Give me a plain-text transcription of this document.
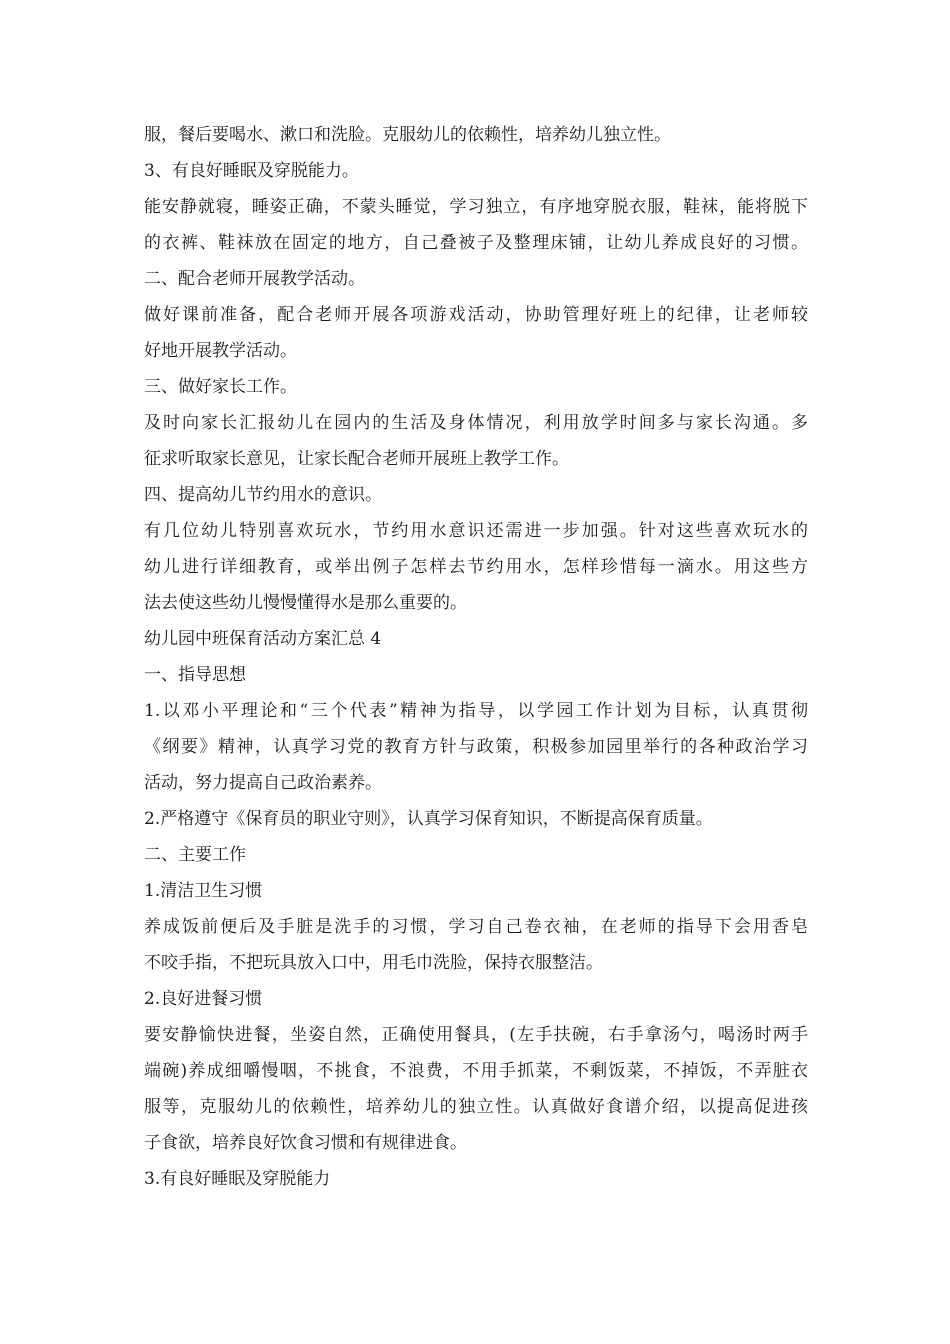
服，餐后要喝水、漱口和洗脸。克服幼儿的依赖性，培养幼儿独立性。

3、有良好睡眠及穿脱能力。

能安静就寝，睡姿正确，不蒙头睡觉，学习独立，有序地穿脱衣服，鞋袜，能将脱下

的衣裤、鞋袜放在固定的地方，自己叠被子及整理床铺，让幼儿养成良好的习惯。

二、配合老师开展教学活动。

做好课前准备，配合老师开展各项游戏活动，协助管理好班上的纪律，让老师较

好地开展教学活动。

三、做好家长工作。

及时向家长汇报幼儿在园内的生活及身体情况，利用放学时间多与家长沟通。多

征求听取家长意见，让家长配合老师开展班上教学工作。

四、提高幼儿节约用水的意识。

有几位幼儿特别喜欢玩水，节约用水意识还需进一步加强。针对这些喜欢玩水的

幼儿进行详细教育，或举出例子怎样去节约用水，怎样珍惜每一滴水。用这些方

法去使这些幼儿慢慢懂得水是那么重要的。

幼儿园中班保育活动方案汇总 4

一、指导思想

1.以邓小平理论和“三个代表”精神为指导，以学园工作计划为目标，认真贯彻

《纲要》精神，认真学习党的教育方针与政策，积极参加园里举行的各种政治学习

活动，努力提高自己政治素养。

2.严格遵守《保育员的职业守则》，认真学习保育知识，不断提高保育质量。

二、主要工作

1.清洁卫生习惯

养成饭前便后及手脏是洗手的习惯，学习自己卷衣袖，在老师的指导下会用香皂

不咬手指，不把玩具放入口中，用毛巾洗脸，保持衣服整洁。

2.良好进餐习惯

要安静愉快进餐，坐姿自然，正确使用餐具，(左手扶碗，右手拿汤勺，喝汤时两手

端碗)养成细嚼慢咽，不挑食，不浪费，不用手抓菜，不剩饭菜，不掉饭，不弄脏衣

服等，克服幼儿的依赖性，培养幼儿的独立性。认真做好食谱介绍，以提高促进孩

子食欲，培养良好饮食习惯和有规律进食。

3.有良好睡眠及穿脱能力
